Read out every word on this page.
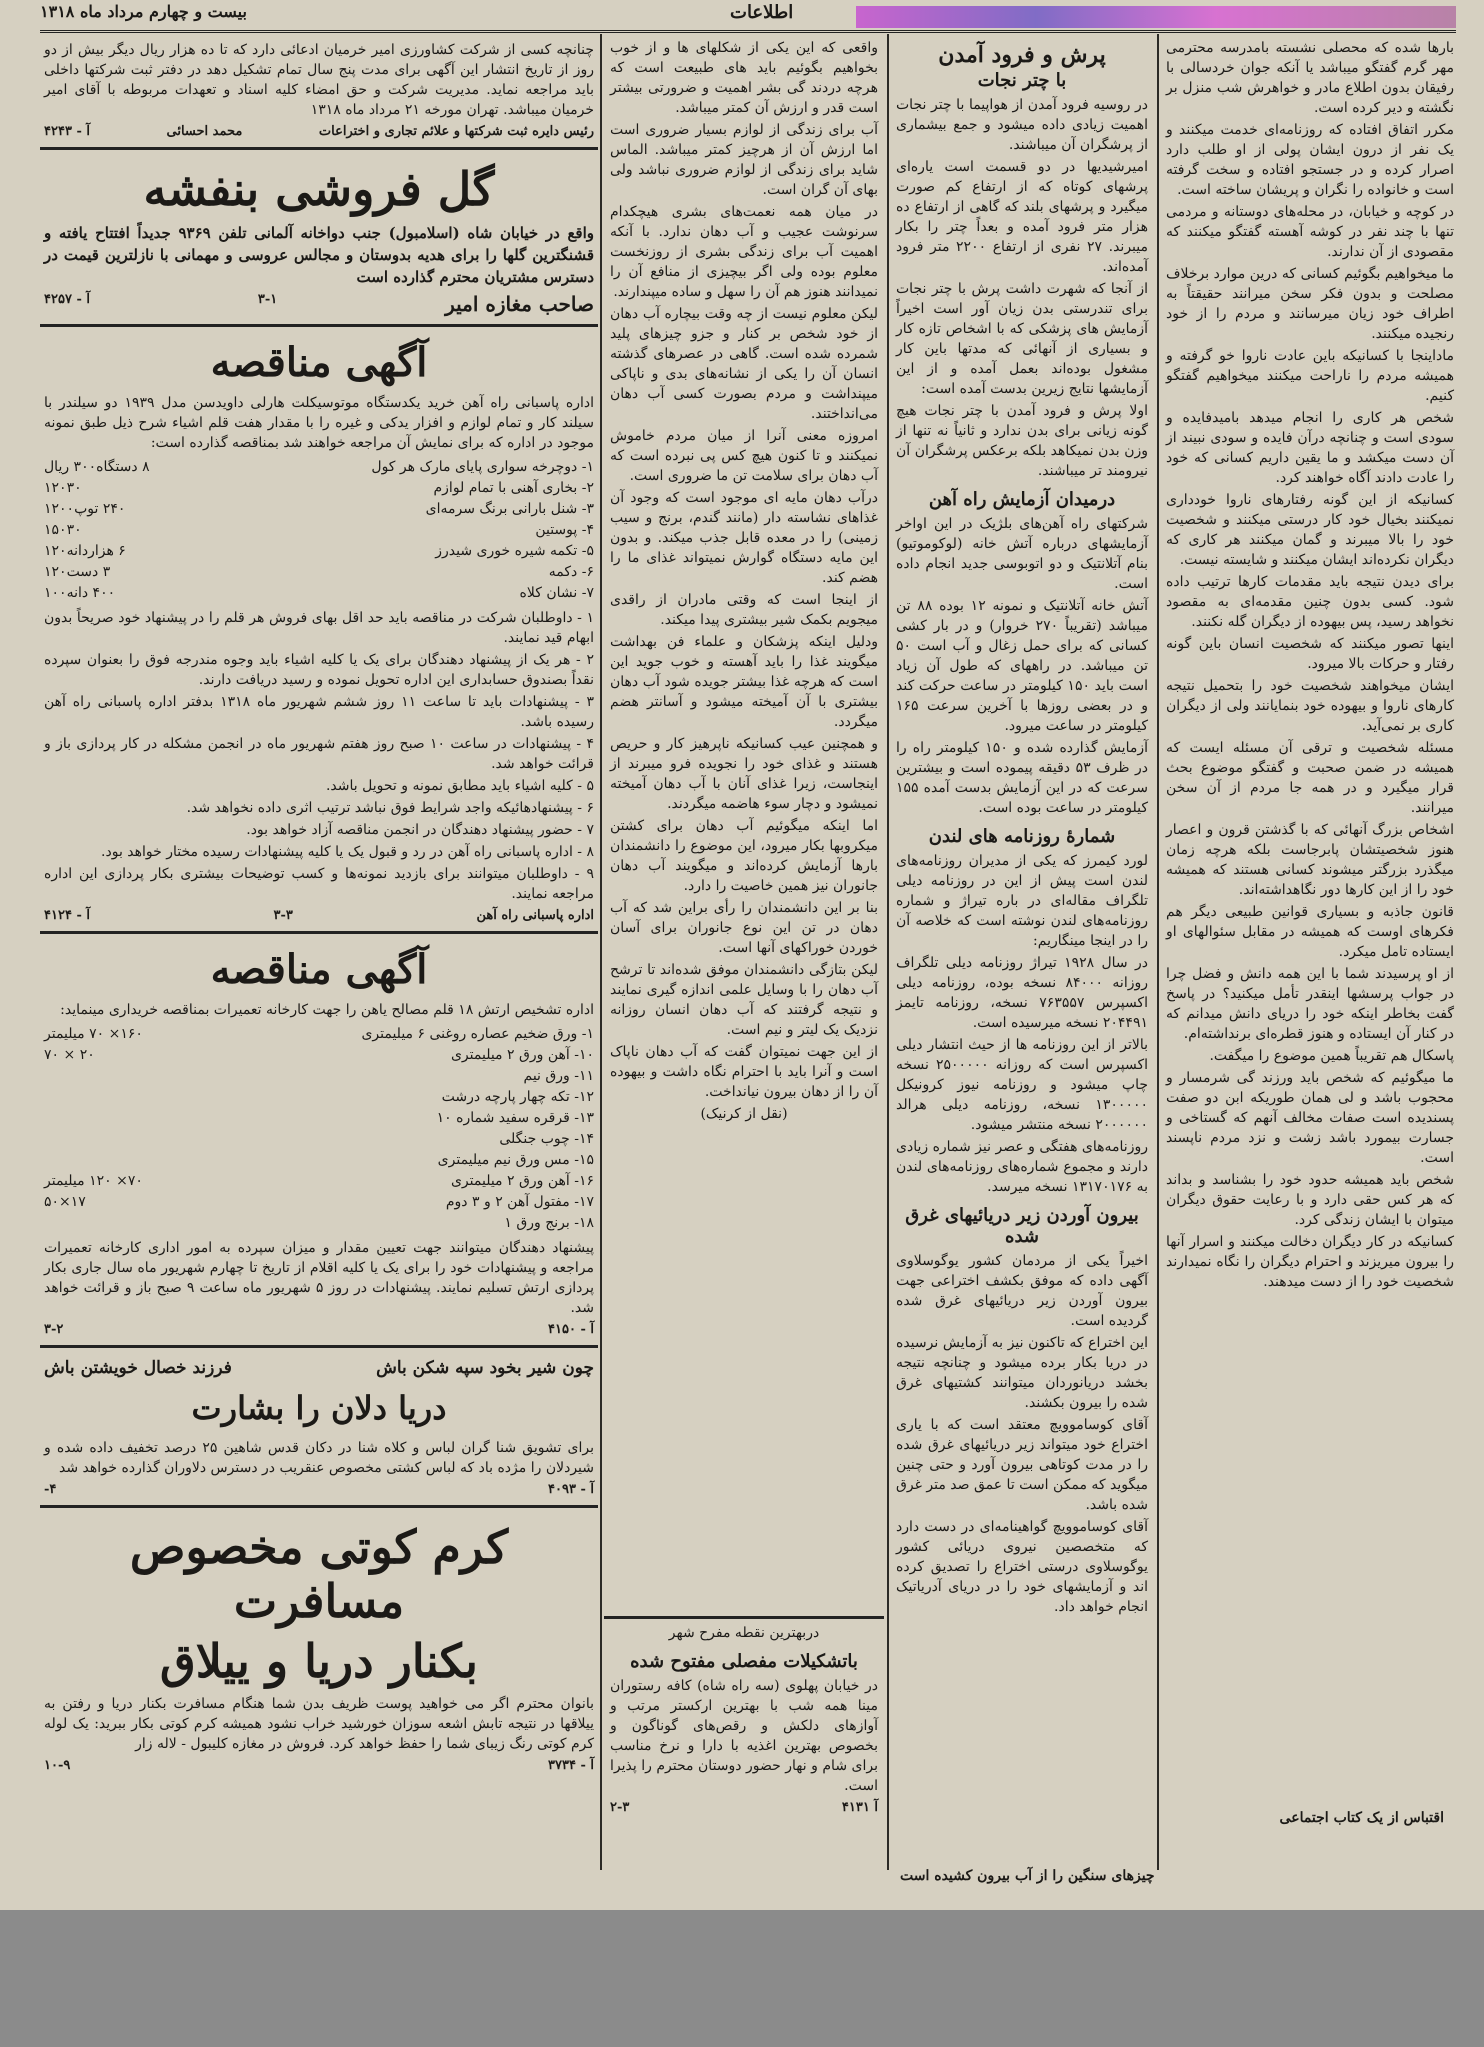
بیست و چهارم مرداد ماه ۱۳۱۸	اطلاعات

بارها شده که محصلی نشسته بامدرسه محترمی مهر گرم گفتگو میباشد یا آنکه جوان خردسالی با رفیقان بدون اطلاع مادر و خواهرش شب منزل بر نگشته و دیر کرده است.

مکرر اتفاق افتاده که روزنامه‌ای خدمت میکنند و یک نفر از درون ایشان پولی از او طلب دارد اصرار کرده و در جستجو افتاده و سخت گرفته است و خانواده را نگران و پریشان ساخته است.

در کوچه و خیابان، در محله‌های دوستانه و مردمی تنها با چند نفر در کوشه آهسته گفتگو میکنند که مقصودی از آن ندارند.

ما میخواهیم بگوئیم کسانی که درین موارد برخلاف مصلحت و بدون فکر سخن میرانند حقیقتاً به اطراف خود زیان میرسانند و مردم را از خود رنجیده میکنند.

ماداینجا با کسانیکه باین عادت ناروا خو گرفته و همیشه مردم را ناراحت میکنند میخواهیم گفتگو کنیم.

شخص هر کاری را انجام میدهد بامیدفایده و سودی است و چنانچه درآن فایده و سودی نبیند از آن دست میکشد و ما یقین داریم کسانی که خود را عادت دادند آگاه خواهند کرد.

کسانیکه از این گونه رفتارهای ناروا خودداری نمیکنند بخیال خود کار درستی میکنند و شخصیت خود را بالا میبرند و گمان میکنند هر کاری که دیگران نکرده‌اند ایشان میکنند و شایسته نیست.

برای دیدن نتیجه باید مقدمات کارها ترتیب داده شود. کسی بدون چنین مقدمه‌ای به مقصود نخواهد رسید، پس بیهوده از دیگران گله نکنند.

اینها تصور میکنند که شخصیت انسان باین گونه رفتار و حرکات بالا میرود.

ایشان میخواهند شخصیت خود را بتحمیل نتیجه کارهای ناروا و بیهوده خود بنمایانند ولی از دیگران کاری بر نمی‌آید.

مسئله شخصیت و ترقی آن مسئله ایست که همیشه در ضمن صحبت و گفتگو موضوع بحث قرار میگیرد و در همه جا مردم از آن سخن میرانند.

اشخاص بزرگ آنهائی که با گذشتن قرون و اعصار هنوز شخصیتشان پابرجاست بلکه هرچه زمان میگذرد بزرگتر میشوند کسانی هستند که همیشه خود را از این کارها دور نگاهداشته‌اند.

قانون جاذبه و بسیاری قوانین طبیعی دیگر هم فکرهای اوست که همیشه در مقابل سئوالهای او ایستاده تامل میکرد.

از او پرسیدند شما با این همه دانش و فضل چرا در جواب پرسشها اینقدر تأمل میکنید؟ در پاسخ گفت بخاطر اینکه خود را دریای دانش میدانم که در کنار آن ایستاده و هنوز قطره‌ای برنداشته‌ام.

پاسکال هم تقریباً همین موضوع را میگفت.

ما میگوئیم که شخص باید ورزند گی شرمسار و محجوب باشد و لی همان طوریکه ابن دو صفت پسندیده است صفات مخالف آنهم که گستاخی و جسارت بیمورد باشد زشت و نزد مردم ناپسند است.

شخص باید همیشه حدود خود را بشناسد و بداند که هر کس حقی دارد و با رعایت حقوق دیگران میتوان با ایشان زندگی کرد.

کسانیکه در کار دیگران دخالت میکنند و اسرار آنها را بیرون میریزند و احترام دیگران را نگاه نمیدارند شخصیت خود را از دست میدهند.

اقتباس از یک کتاب اجتماعی
پرش و فرود آمدن
با چتر نجات

در روسیه فرود آمدن از هواپیما با چتر نجات اهمیت زیادی داده میشود و جمع بیشماری از پرشگران آن میباشند.

امیرشیدیها در دو قسمت است یاره‌ای پرشهای کوتاه که از ارتفاع کم صورت میگیرد و پرشهای بلند که گاهی از ارتفاع ده هزار متر فرود آمده و بعداً چتر را بکار میبرند. ۲۷ نفری از ارتفاع ۲۲۰۰ متر فرود آمده‌اند.

از آنجا که شهرت داشت پرش با چتر نجات برای تندرستی بدن زیان آور است اخیراً آزمایش های پزشکی که با اشخاص تازه کار و بسیاری از آنهائی که مدتها باین کار مشغول بوده‌اند بعمل آمده و از این آزمایشها نتایج زیرین بدست آمده است:

اولا پرش و فرود آمدن با چتر نجات هیچ گونه زیانی برای بدن ندارد و ثانیاً نه تنها از وزن بدن نمیکاهد بلکه برعکس پرشگران آن نیرومند تر میباشند.

درمیدان آزمایش راه آهن

شرکتهای راه آهن‌های بلژیک در این اواخر آزمایشهای درباره آتش خانه (لوکوموتیو) بنام آتلانتیک و دو اتوبوسی جدید انجام داده است.

آتش خانه آتلانتیک و نمونه ۱۲ بوده ۸۸ تن میباشد (تقریباً ۲۷۰ خروار) و در بار کشی کسانی که برای حمل زغال و آب است ۵۰ تن میباشد. در راههای که طول آن زیاد است باید ۱۵۰ کیلومتر در ساعت حرکت کند و در بعضی روزها با آخرین سرعت ۱۶۵ کیلومتر در ساعت میرود.

آزمایش گذارده شده و ۱۵۰ کیلومتر راه را در ظرف ۵۳ دقیقه پیموده است و بیشترین سرعت که در این آزمایش بدست آمده ۱۵۵ کیلومتر در ساعت بوده است.

شمارهٔ روزنامه های لندن

لورد کیمرز که یکی از مدیران روزنامه‌های لندن است پیش از این در روزنامه دیلی تلگراف مقاله‌ای در باره تیراژ و شماره روزنامه‌های لندن نوشته است که خلاصه آن را در اینجا مینگاریم:

در سال ۱۹۲۸ تیراژ روزنامه دیلی تلگراف روزانه ۸۴۰۰۰ نسخه بوده، روزنامه دیلی اکسپرس ۷۶۳۵۵۷ نسخه، روزنامه تایمز ۲۰۴۴۹۱ نسخه میرسیده است.

بالاتر از این روزنامه ها از حیث انتشار دیلی اکسپرس است که روزانه ۲۵۰۰۰۰۰ نسخه چاپ میشود و روزنامه نیوز کرونیکل ۱۳۰۰۰۰۰ نسخه، روزنامه دیلی هرالد ۲۰۰۰۰۰۰ نسخه منتشر میشود.

روزنامه‌های هفتگی و عصر نیز شماره زیادی دارند و مجموع شماره‌های روزنامه‌های لندن به ۱۳۱۷۰۱۷۶ نسخه میرسد.

بیرون آوردن زیر دریائیهای غرق شده

اخیراً یکی از مردمان کشور یوگوسلاوی آگهی داده که موفق بکشف اختراعی جهت بیرون آوردن زیر دریائیهای غرق شده گردیده است.

این اختراع که تاکنون نیز به آزمایش نرسیده در دریا بکار برده میشود و چنانچه نتیجه بخشد دریانوردان میتوانند کشتیهای غرق شده را بیرون بکشند.

آقای کوساموویچ معتقد است که با یاری اختراع خود میتواند زیر دریائیهای غرق شده را در مدت کوتاهی بیرون آورد و حتی چنین میگوید که ممکن است تا عمق صد متر غرق شده باشد.

آقای کوساموویچ گواهینامه‌ای در دست دارد که متخصصین نیروی دریائی کشور یوگوسلاوی درستی اختراع را تصدیق کرده اند و آزمایشهای خود را در دریای آدریاتیک انجام خواهد داد.

چیزهای سنگین را از آب بیرون کشیده است

واقعی که این یکی از شکلهای ها و از خوب بخواهیم بگوئیم باید های طبیعت است که هرچه دردند گی بشر اهمیت و ضرورتی بیشتر است قدر و ارزش آن کمتر میباشد.

آب برای زندگی از لوازم بسیار ضروری است اما ارزش آن از هرچیز کمتر میباشد. الماس شاید برای زندگی از لوازم ضروری نباشد ولی بهای آن گران است.

در میان همه نعمت‌های بشری هیچکدام سرنوشت عجیب و آب دهان ندارد. با آنکه اهمیت آب برای زندگی بشری از روزنخست معلوم بوده ولی اگر بیچیزی از منافع آن را نمیدانند هنوز هم آن را سهل و ساده میپندارند.

لیکن معلوم نیست از چه وقت بیچاره آب دهان از خود شخص بر کنار و جزو چیزهای پلید شمرده شده است. گاهی در عصرهای گذشته انسان آن را یکی از نشانه‌های بدی و ناپاکی میپنداشت و مردم بصورت کسی آب دهان می‌انداختند.

امروزه معنی آنرا از میان مردم خاموش نمیکنند و تا کنون هیچ کس پی نبرده است که آب دهان برای سلامت تن ما ضروری است.

درآب دهان مایه ای موجود است که وجود آن غذاهای نشاسته دار (مانند گندم، برنج و سیب زمینی) را در معده قابل جذب میکند. و بدون این مایه دستگاه گوارش نمیتواند غذای ما را هضم کند.

از اینجا است که وقتی مادران از راقدی میجویم بکمک شیر بیشتری پیدا میکند.

ودلیل اینکه پزشکان و علماء فن بهداشت میگویند غذا را باید آهسته و خوب جوید این است که هرچه غذا بیشتر جویده شود آب دهان بیشتری با آن آمیخته میشود و آسانتر هضم میگردد.

و همچنین عیب کسانیکه ناپرهیز کار و حریص هستند و غذای خود را نجویده فرو میبرند از اینجاست، زیرا غذای آنان با آب دهان آمیخته نمیشود و دچار سوء هاضمه میگردند.

اما اینکه میگوئیم آب دهان برای کشتن میکروبها بکار میرود، این موضوع را دانشمندان بارها آزمایش کرده‌اند و میگویند آب دهان جانوران نیز همین خاصیت را دارد.

بنا بر این دانشمندان را رأی براین شد که آب دهان در تن این نوع جانوران برای آسان خوردن خوراکهای آنها است.

لیکن بتازگی دانشمندان موفق شده‌اند تا ترشح آب دهان را با وسایل علمی اندازه گیری نمایند و نتیجه گرفتند که آب دهان انسان روزانه نزدیک یک لیتر و نیم است.

از این جهت نمیتوان گفت که آب دهان ناپاک است و آنرا باید با احترام نگاه داشت و بیهوده آن را از دهان بیرون نیانداخت.

(نقل از کرنیک)
دربهترین نقطه مفرح شهر
باتشکیلات مفصلی مفتوح شده
در خیابان پهلوی (سه راه شاه) کافه رستوران مینا همه شب با بهترین ارکستر مرتب و آوازهای دلکش و رقص‌های گوناگون و بخصوص بهترین اغذیه با دارا و نرخ مناسب برای شام و نهار حضور دوستان محترم را پذیرا است.
آ ۴۱۳۱
۲-۳
چنانچه کسی از شرکت کشاورزی امیر خرمیان ادعائی دارد که تا ده هزار ریال دیگر بیش از دو روز از تاریخ انتشار این آگهی برای مدت پنج سال تمام تشکیل دهد در دفتر ثبت شرکتها داخلی باید مراجعه نماید. مدیریت شرکت و حق امضاء کلیه اسناد و تعهدات مربوطه با آقای امیر خرمیان میباشد. تهران مورخه ۲۱ مرداد ماه ۱۳۱۸
رئیس دایره ثبت شرکتها و علائم تجاری و اختراعات
محمد احسائی
آ - ۴۲۴۳
گل فروشی بنفشه
واقع در خیابان شاه (اسلامبول) جنب دواخانه آلمانی تلفن ۹۳۶۹ جدیداً افتتاح یافته و قشنگترین گلها را برای هدیه بدوستان و مجالس عروسی و مهمانی با نازلترین قیمت در دسترس مشتریان محترم گذارده است
صاحب مغازه امیر
۳-۱
آ - ۴۲۵۷
آگهی مناقصه
اداره پاسبانی راه آهن خرید یکدستگاه موتوسیکلت هارلی داویدسن مدل ۱۹۳۹ دو سیلندر با سیلند کار و تمام لوازم و افزار یدکی و غیره را با مقدار هفت قلم اشیاء شرح ذیل طبق نمونه موجود در اداره که برای نمایش آن مراجعه خواهند شد بمناقصه گذارده است:
۱- دوچرخه سواری پایای مارک هر کول
۸ دستگاه
۳۰۰ ریال
۲- بخاری آهنی با تمام لوازم
۳۰
۱۲۰
۳- شنل بارانی برنگ سرمه‌ای
۲۴۰ توپ
۱۲۰۰
۴- پوستین
۳۰
۱۵۰
۵- تکمه شیره خوری شیدرز
۶ هزاردانه
۱۲۰
۶- دکمه
۳ دست
۱۲۰
۷- نشان کلاه
۴۰۰ دانه
۱۰۰

۱ - داوطلبان شرکت در مناقصه باید حد اقل بهای فروش هر قلم را در پیشنهاد خود صریحاً بدون ابهام قید نمایند.

۲ - هر یک از پیشنهاد دهندگان برای یک یا کلیه اشیاء باید وجوه مندرجه فوق را بعنوان سپرده نقداً بصندوق حسابداری این اداره تحویل نموده و رسید دریافت دارند.

۳ - پیشنهادات باید تا ساعت ۱۱ روز ششم شهریور ماه ۱۳۱۸ بدفتر اداره پاسبانی راه آهن رسیده باشد.

۴ - پیشنهادات در ساعت ۱۰ صبح روز هفتم شهریور ماه در انجمن مشکله در کار پردازی باز و قرائت خواهد شد.

۵ - کلیه اشیاء باید مطابق نمونه و تحویل باشد.

۶ - پیشنهادهائیکه واجد شرایط فوق نباشد ترتیب اثری داده نخواهد شد.

۷ - حضور پیشنهاد دهندگان در انجمن مناقصه آزاد خواهد بود.

۸ - اداره پاسبانی راه آهن در رد و قبول یک یا کلیه پیشنهادات رسیده مختار خواهد بود.

۹ - داوطلبان میتوانند برای بازدید نمونه‌ها و کسب توضیحات بیشتری بکار پردازی این اداره مراجعه نمایند.

اداره پاسبانی راه آهن
۳-۳
آ - ۴۱۲۴
آگهی مناقصه
اداره تشخیص ارتش ۱۸ قلم مصالح یاهن را جهت کارخانه تعمیرات بمناقصه خریداری مینماید:
۱- ورق ضخیم عصاره روغنی ۶ میلیمتری
۱۶۰× ۷۰ میلیمتر
۱۰- آهن ورق ۲ میلیمتری
۲۰ × ۷۰
۱۱- ورق نیم
۱۲- تکه چهار پارچه درشت
۱۳- قرقره سفید شماره ۱۰
۱۴- چوب جنگلی
۱۵- مس ورق نیم میلیمتری
۱۶- آهن ورق ۲ میلیمتری
۷۰× ۱۲۰ میلیمتر
۱۷- مفتول آهن ۲ و ۳ دوم
۱۷×۵۰
۱۸- برنج ورق ۱
پیشنهاد دهندگان میتوانند جهت تعیین مقدار و میزان سپرده به امور اداری کارخانه تعمیرات مراجعه و پیشنهادات خود را برای یک یا کلیه اقلام از تاریخ تا چهارم شهریور ماه سال جاری بکار پردازی ارتش تسلیم نمایند. پیشنهادات در روز ۵ شهریور ماه ساعت ۹ صبح باز و قرائت خواهد شد.
آ - ۴۱۵۰
۳-۲
چون شیر بخود سپه شکن باش
فرزند خصال خویشتن باش
دریا دلان را بشارت
برای تشویق شنا گران لباس و کلاه شنا در دکان قدس شاهین ۲۵ درصد تخفیف داده شده و شیردلان را مژده باد که لباس کشتی مخصوص عنقریب در دسترس دلاوران گذارده خواهد شد
آ - ۴۰۹۳
۴-
کرم کوتی مخصوص مسافرت
بکنار دریا و ییلاق
بانوان محترم اگر می خواهید پوست ظریف بدن شما هنگام مسافرت بکنار دریا و رفتن به ییلاقها در نتیجه تابش اشعه سوزان خورشید خراب نشود همیشه کرم کوتی بکار ببرید: یک لوله کرم کوتی رنگ زیبای شما را حفظ خواهد کرد. فروش در مغازه کلیبول - لاله زار
آ - ۳۷۳۴
۱۰-۹
